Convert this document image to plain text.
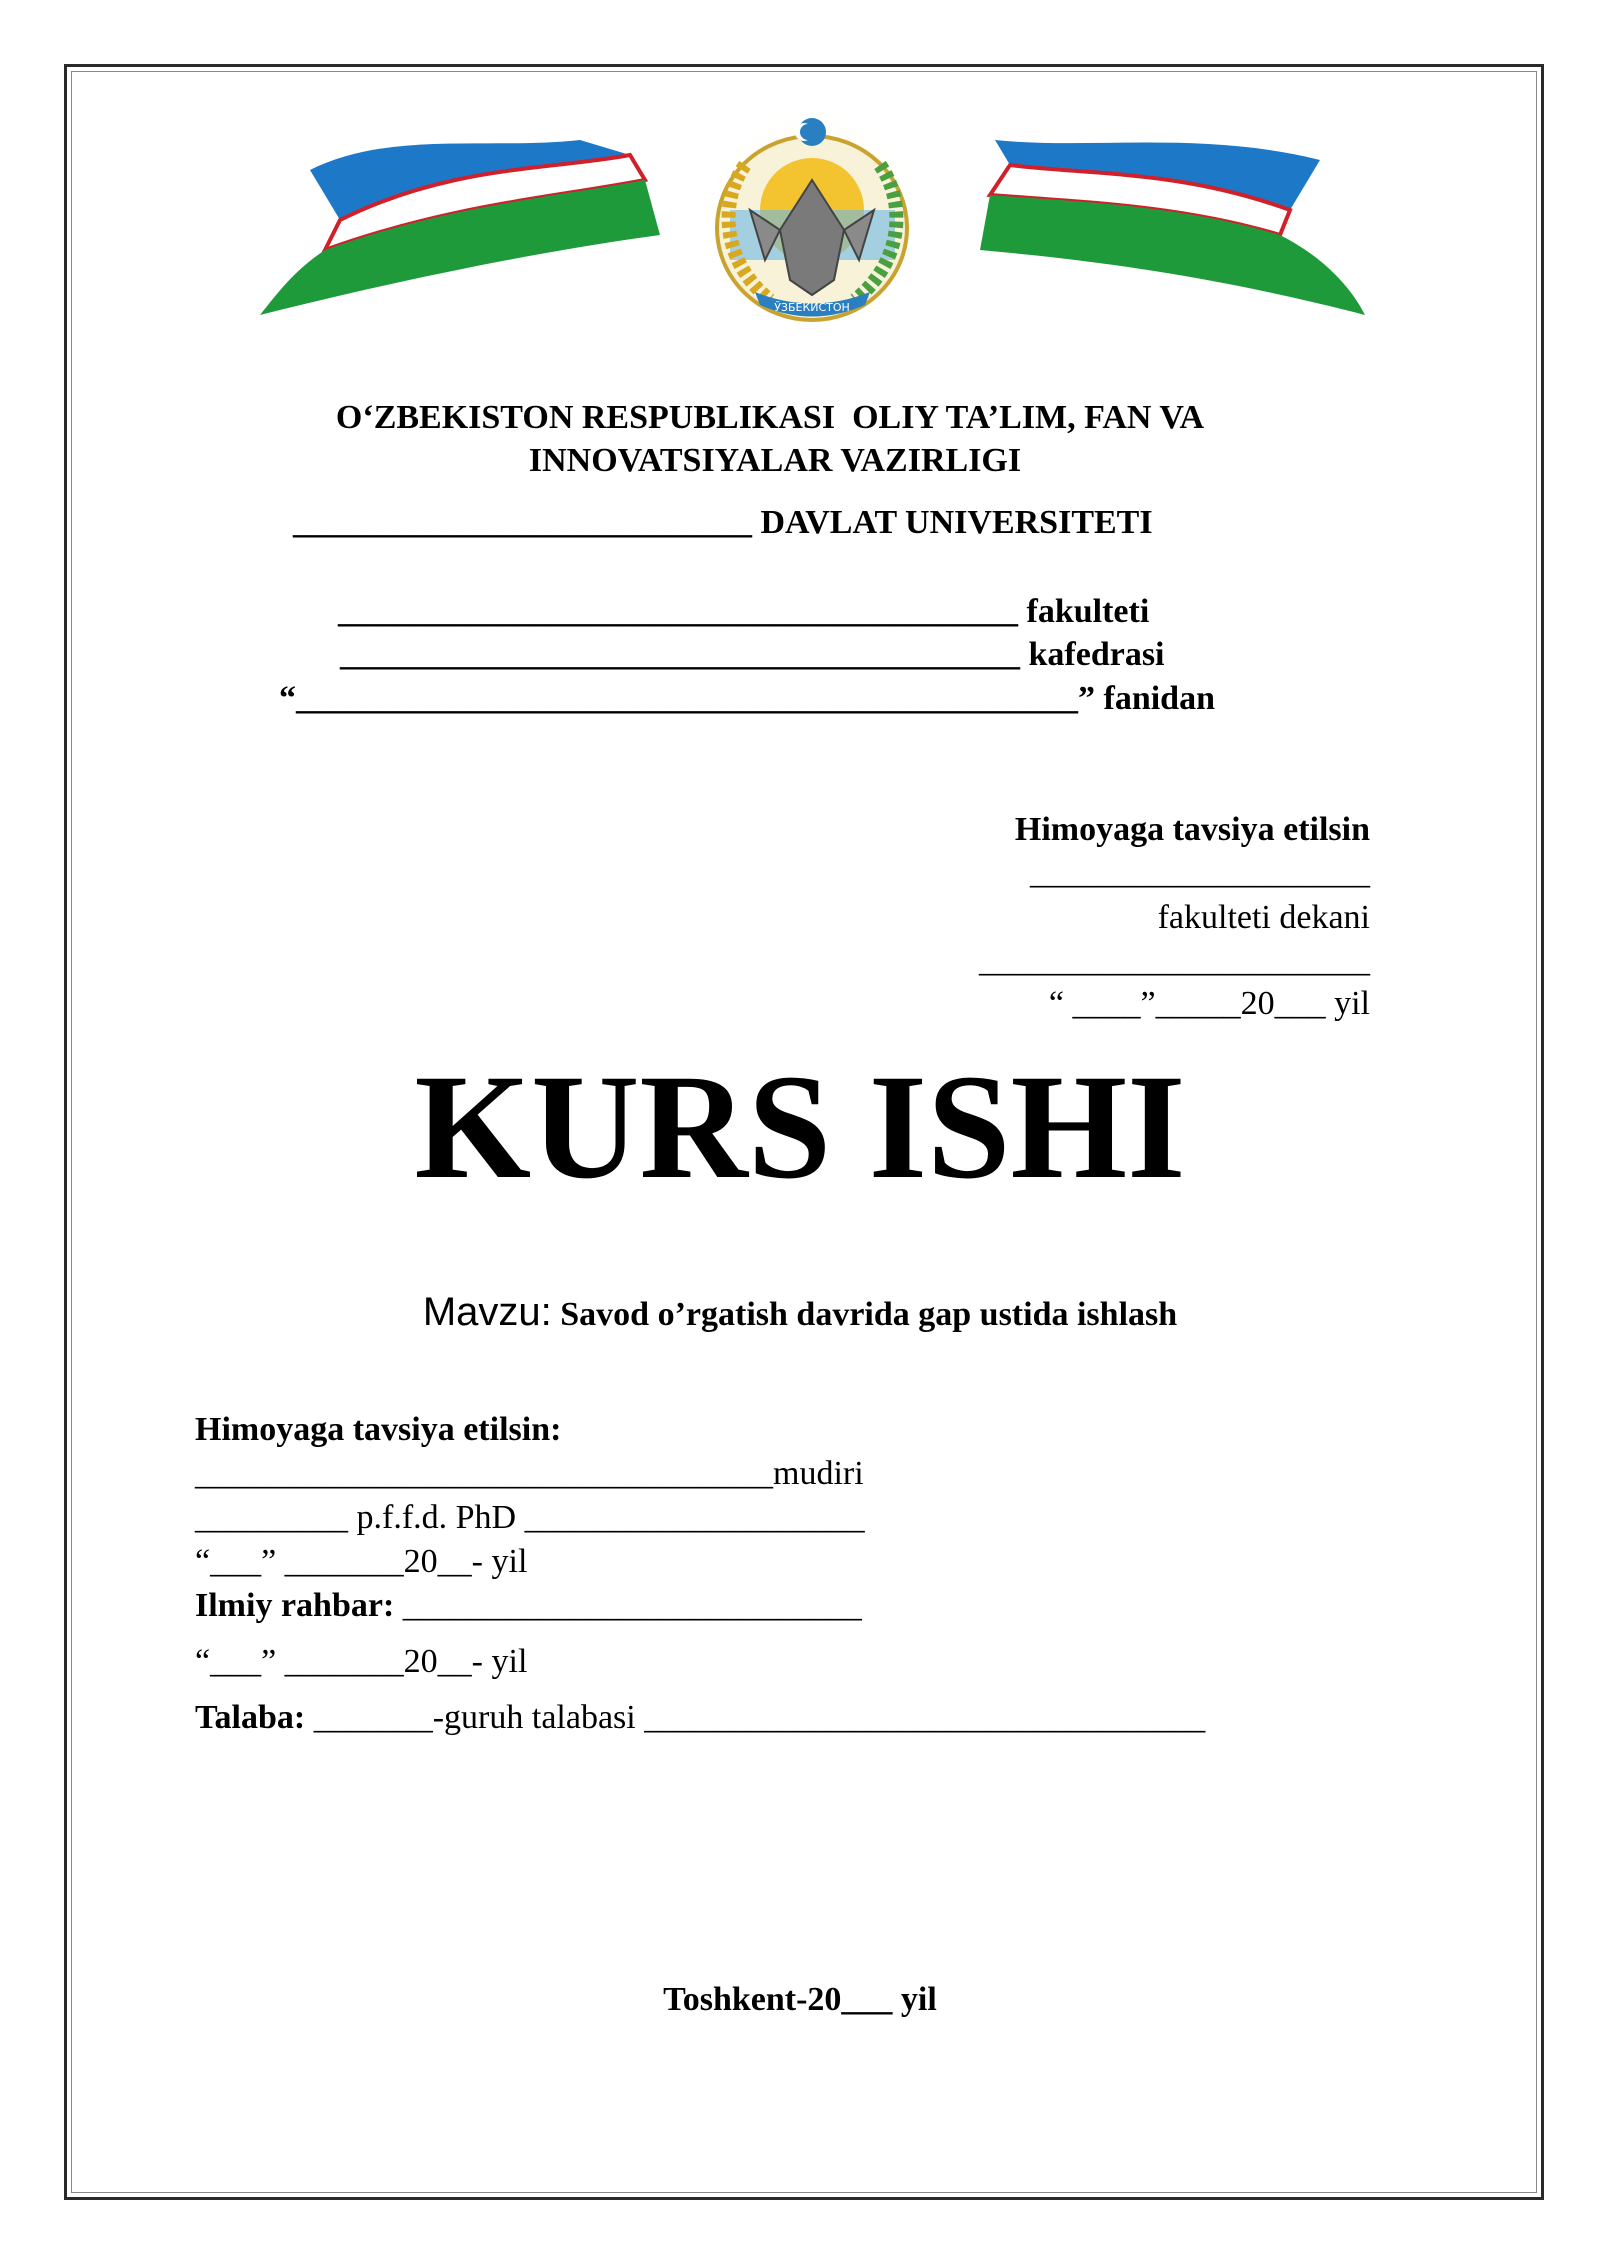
ЎЗБЕКИСТОН
O‘ZBEKISTON RESPUBLIKASI  OLIY TA’LIM, FAN VA
INNOVATSIYALAR VAZIRLIGI
___________________________ DAVLAT UNIVERSITETI
________________________________________ fakulteti
________________________________________ kafedrasi
“______________________________________________” fanidan
Himoyaga tavsiya etilsin
____________________
fakulteti dekani
_______________________
“ ____”_____20___ yil
KURS ISHI
Mavzu: Savod o’rgatish davrida gap ustida ishlash
Himoyaga tavsiya etilsin:
__________________________________mudiri
_________ p.f.f.d. PhD ____________________
“___” _______20__- yil
Ilmiy rahbar: ___________________________
“___” _______20__- yil
Talaba: _______-guruh talabasi _________________________________
Toshkent-20___ yil
